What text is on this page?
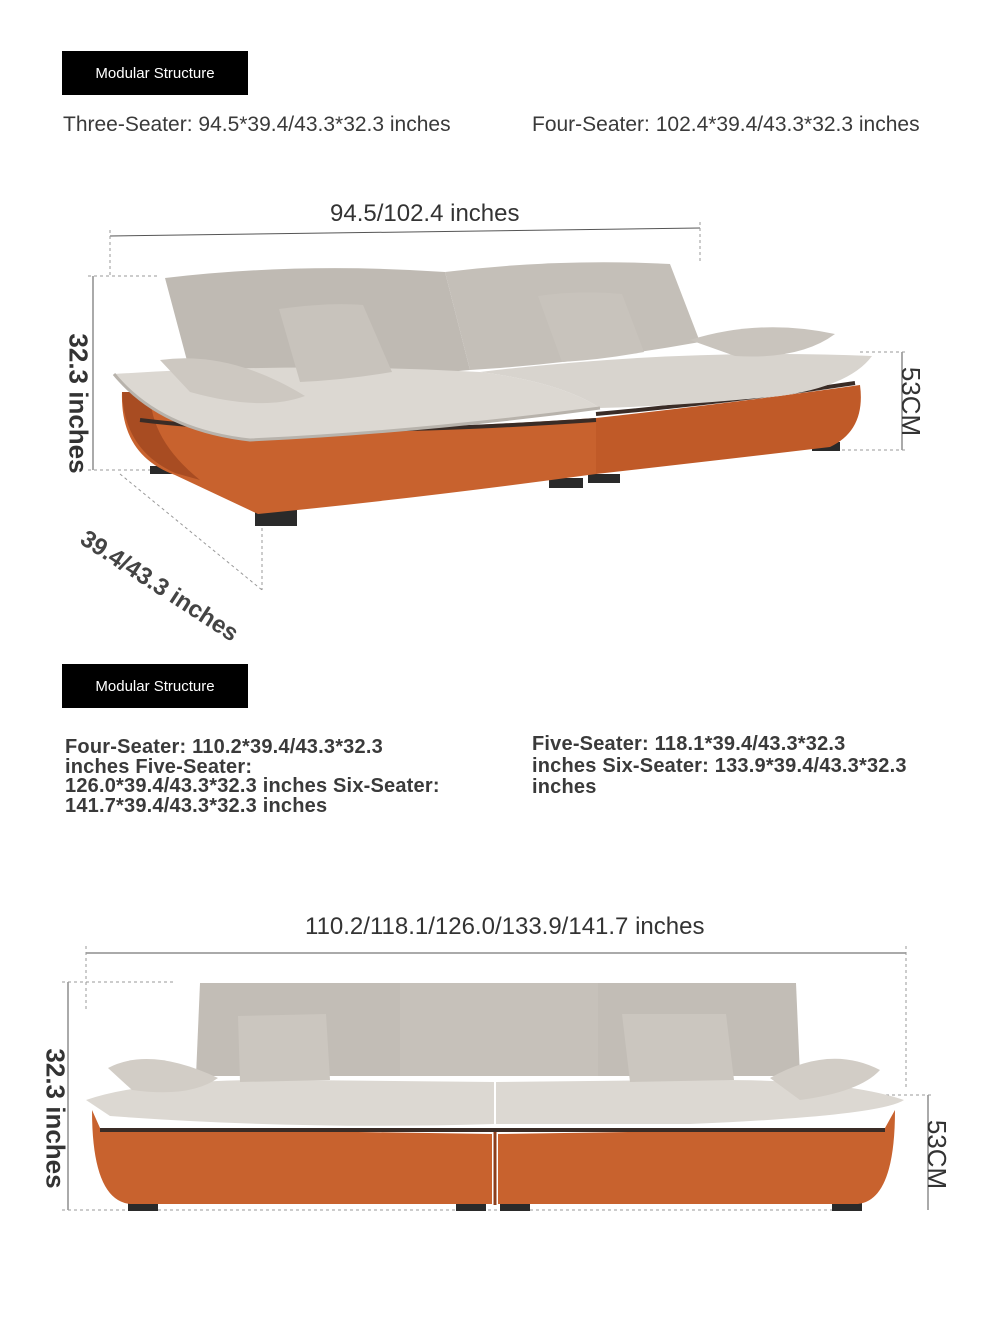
Modular Structure
Three-Seater: 94.5*39.4/43.3*32.3 inches	Four-Seater: 102.4*39.4/43.3*32.3 inches
94.5/102.4 inches
32.3 inches
39.4/43.3 inches
53CM
Modular Structure
Four-Seater: 110.2*39.4/43.3*32.3 inches Five-Seater: 126.0*39.4/43.3*32.3 inches Six-Seater: 141.7*39.4/43.3*32.3 inches
Five-Seater: 118.1*39.4/43.3*32.3 inches Six-Seater: 133.9*39.4/43.3*32.3 inches
110.2/118.1/126.0/133.9/141.7 inches
32.3 inches	53CM
